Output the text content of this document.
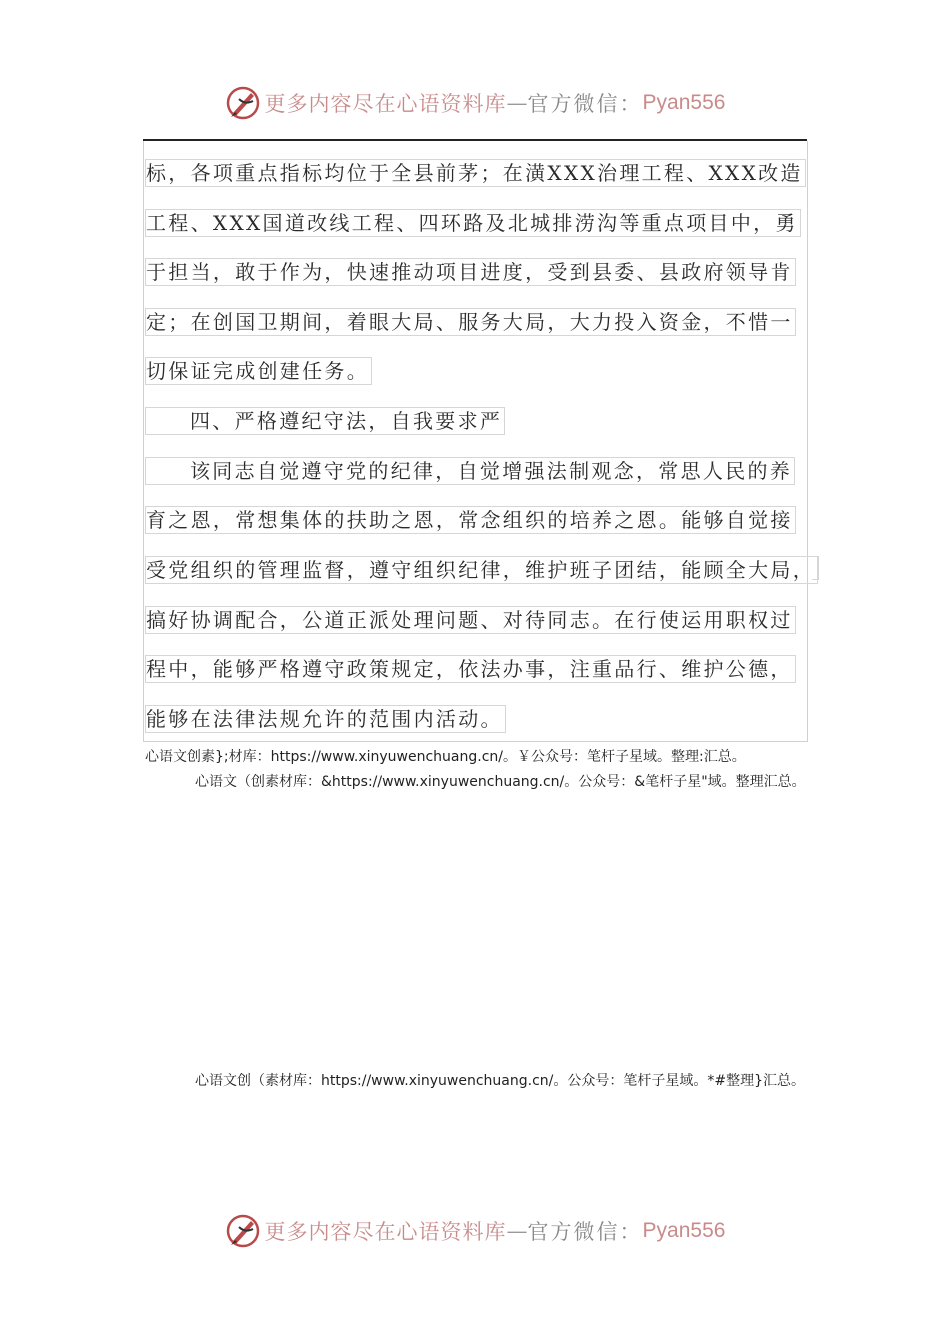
更多内容尽在心语资料库 — 官方微信： Pyan556
标，各项重点指标均位于全县前茅；在潢XXX治理工程、XXX改造
工程、XXX国道改线工程、四环路及北城排涝沟等重点项目中，勇
于担当，敢于作为，快速推动项目进度，受到县委、县政府领导肯
定；在创国卫期间，着眼大局、服务大局，大力投入资金，不惜一
切保证完成创建任务。
四、严格遵纪守法，自我要求严
该同志自觉遵守党的纪律，自觉增强法制观念，常思人民的养
育之恩，常想集体的扶助之恩，常念组织的培养之恩。能够自觉接
受党组织的管理监督，遵守组织纪律，维护班子团结，能顾全大局，
搞好协调配合，公道正派处理问题、对待同志。在行使运用职权过
程中，能够严格遵守政策规定，依法办事，注重品行、维护公德，
能够在法律法规允许的范围内活动。
心语文创素};材库：https://www.xinyuwenchuang.cn/。￥公众号：笔杆子星域。整理:汇总。
心语文（创素材库：&https://www.xinyuwenchuang.cn/。公众号：&笔杆子星"域。整理汇总。
心语文创（素材库：https://www.xinyuwenchuang.cn/。公众号：笔杆子星域。*#整理}汇总。
更多内容尽在心语资料库 — 官方微信： Pyan556
